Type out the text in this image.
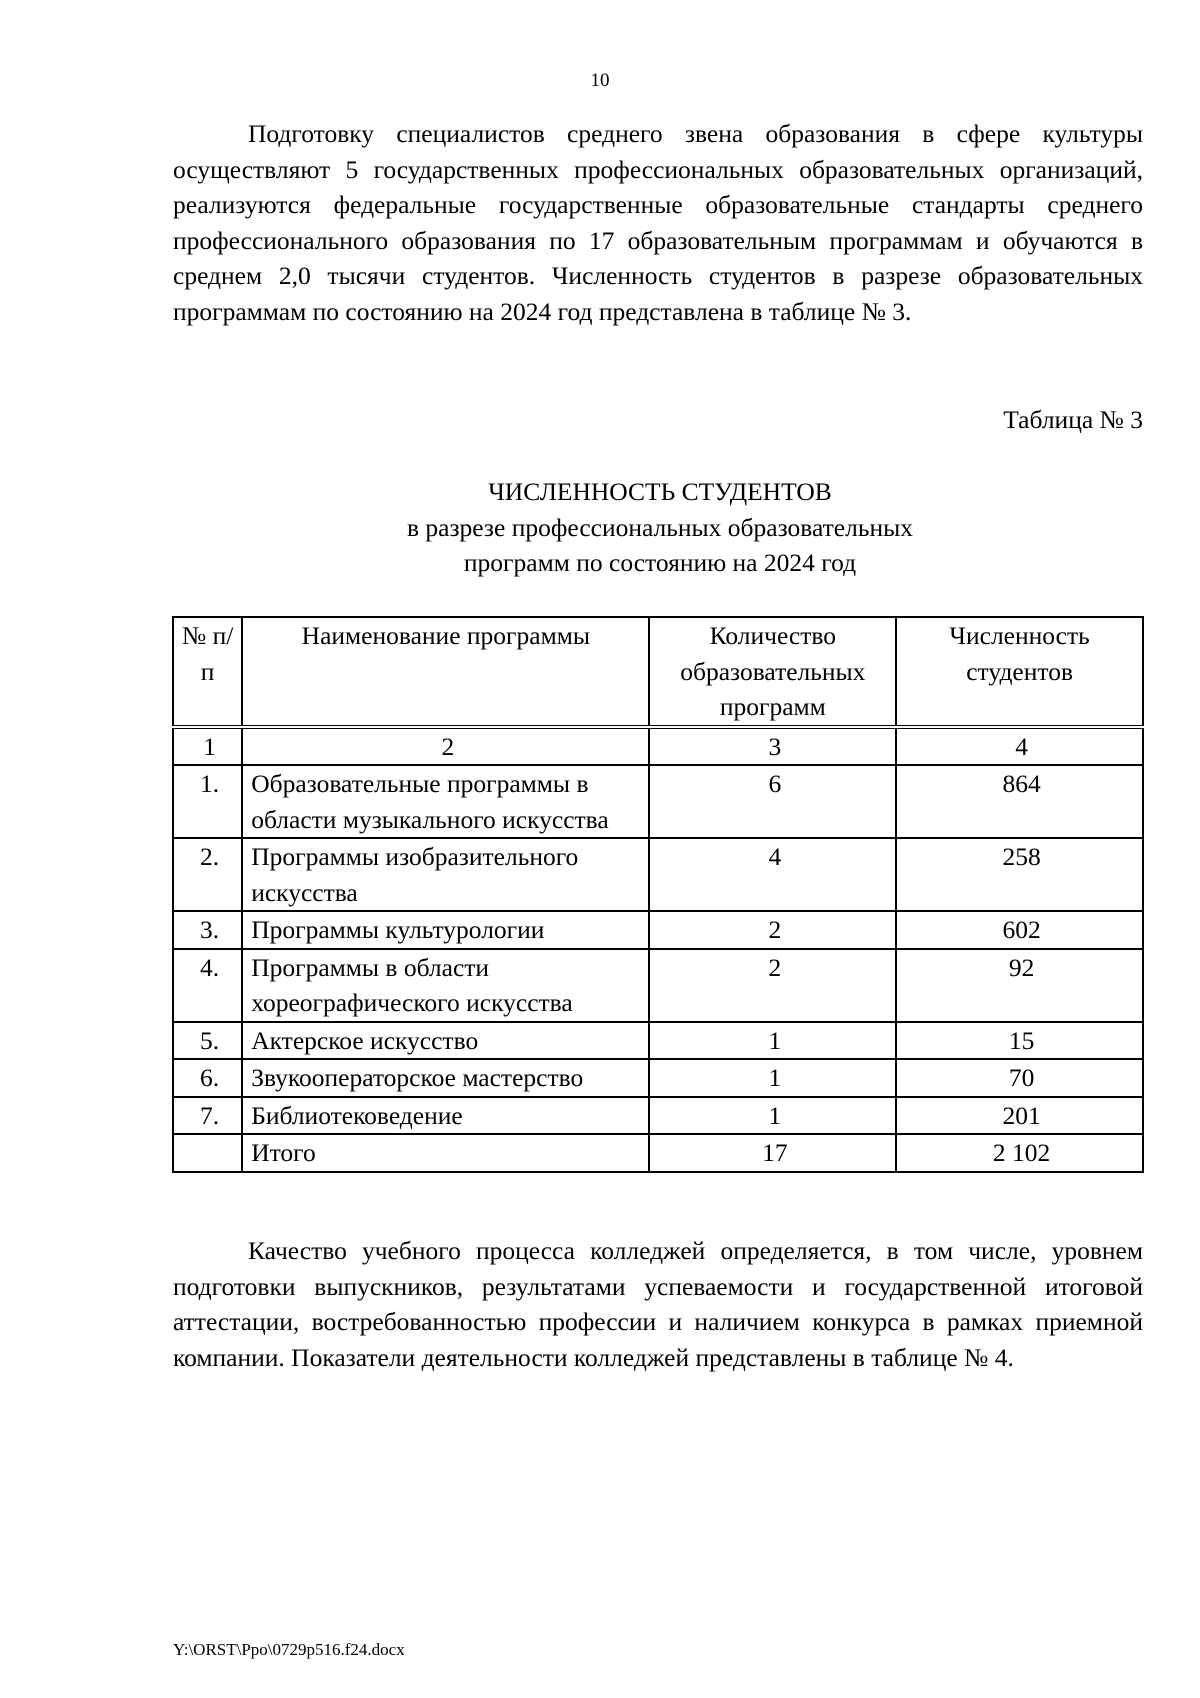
10

Подготовку специалистов среднего звена образования в сфере культуры осуществляют 5 государственных профессиональных образовательных организаций, реализуются федеральные государственные образовательные стандарты среднего профессионального образования по 17 образовательным программам и обучаются в среднем 2,0 тысячи студентов. Численность студентов в разрезе образовательных программам по состоянию на 2024 год представлена в таблице № 3.

Таблица № 3
ЧИСЛЕННОСТЬ СТУДЕНТОВ
в разрезе профессиональных образовательных
программ по состоянию на 2024 год
№ п/п	Наименование программы	Количество образовательных программ	Численность студентов
1	2	3	4
1.	Образовательные программы в области музыкального искусства	6	864
2.	Программы изобразительного искусства	4	258
3.	Программы культурологии	2	602
4.	Программы в области хореографического искусства	2	92
5.	Актерское искусство	1	15
6.	Звукооператорское мастерство	1	70
7.	Библиотековедение	1	201
	Итого	17	2 102

Качество учебного процесса колледжей определяется, в том числе, уровнем подготовки выпускников, результатами успеваемости и государственной итоговой аттестации, востребованностью профессии и наличием конкурса в рамках приемной компании. Показатели деятельности колледжей представлены в таблице № 4.

Y:\ORST\Ppo\0729p516.f24.docx
